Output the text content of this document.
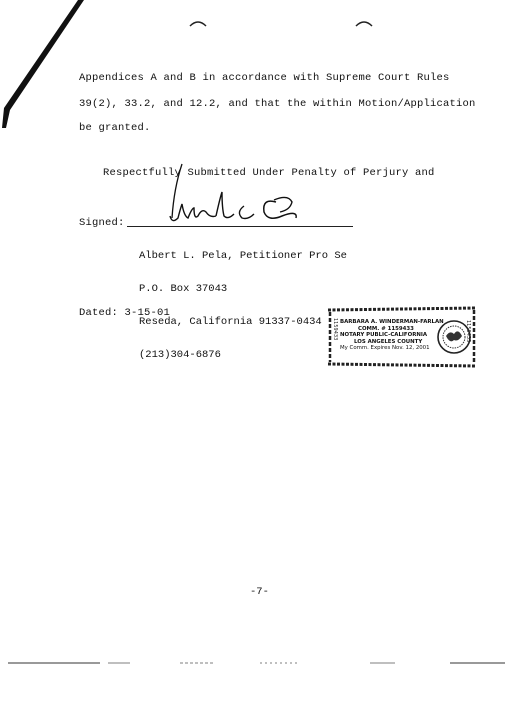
Appendices A and B in accordance with Supreme Court Rules
39(2), 33.2, and 12.2, and that the within Motion/Application
be granted.
Respectfully Submitted Under Penalty of Perjury and
Signed:

Albert L. Pela, Petitioner Pro Se

P.O. Box 37043

Reseda, California 91337-0434

(213)304-6876

Dated: 3-15-01
1159433
1159433 BARBARA A. WINDERMAN-FARLAN
COMM. # 1159433
NOTARY PUBLIC-CALIFORNIA
LOS ANGELES COUNTY
My Comm. Expires Nov. 12, 2001
-7-
